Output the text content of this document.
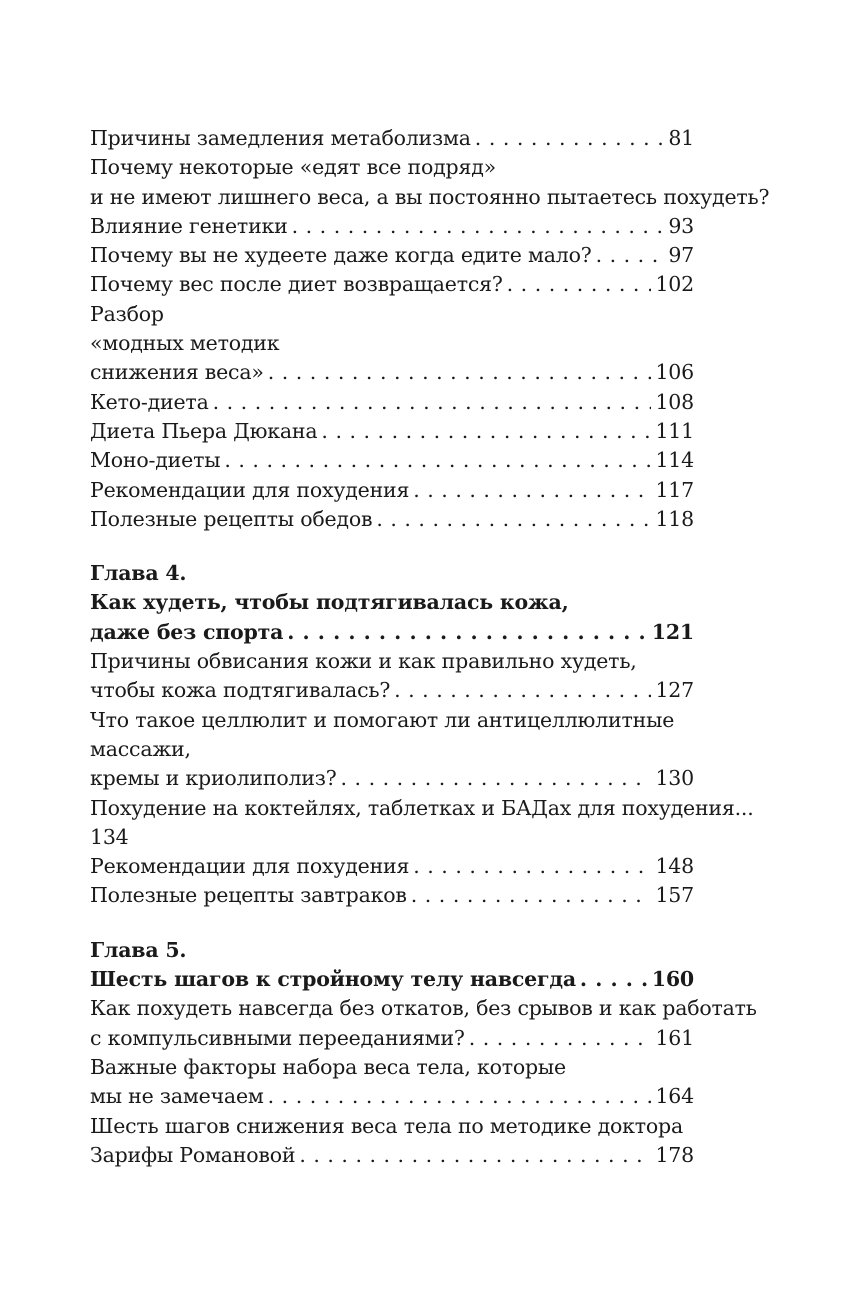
Причины замедления метаболизма . . .	81
Почему некоторые «едят все подряд»
и не имеют лишнего веса, а вы постоянно пытаетесь похудеть?
Влияние генетики . . .	93
Почему вы не худеете даже когда едите мало? . . .	97
Почему вес после диет возвращается? . . .	102
Разбор
«модных методик
снижения веса» . . .	106
Кето-диета . . .	108
Диета Пьера Дюкана . . .	111
Моно-диеты . . .	114
Рекомендации для похудения . . .	117
Полезные рецепты обедов . . .	118
Глава 4.
Как худеть, чтобы подтягивалась кожа,
даже без спорта . . .	121
Причины обвисания кожи и как правильно худеть,
чтобы кожа подтягивалась? . . .	127
Что такое целлюлит и помогают ли антицеллюлитные
массажи,
кремы и криолиполиз? . . .	130
Похудение на коктейлях, таблетках и БАДах для похудения...
134
Рекомендации для похудения . . .	148
Полезные рецепты завтраков . . .	157
Глава 5.
Шесть шагов к стройному телу навсегда . . .	160
Как похудеть навсегда без откатов, без срывов и как работать
с компульсивными перееданиями? . . .	161
Важные факторы набора веса тела, которые
мы не замечаем . . .	164
Шесть шагов снижения веса тела по методике доктора
Зарифы Романовой . . .	178
